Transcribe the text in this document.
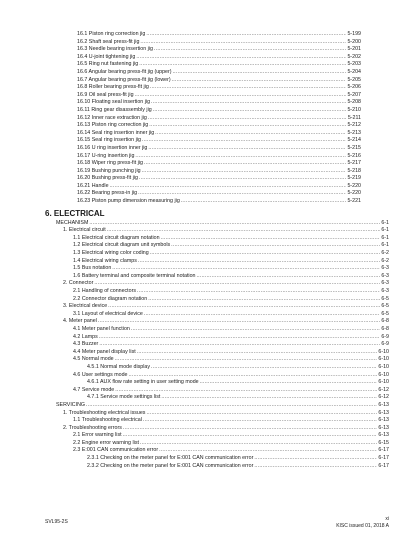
16.1 Piston ring correction jig .....	5-199
16.2 Shaft seal press-fit jig .....	5-200
16.3 Needle bearing insertion jig .....	5-201
16.4 U-joint tightening jig .....	5-202
16.5 Ring nut fastening jig .....	5-203
16.6 Angular bearing press-fit jig (upper) .....	5-204
16.7 Angular bearing press-fit jig (lower) .....	5-205
16.8 Roller bearing press-fit jig .....	5-206
16.9 Oil seal press-fit jig .....	5-207
16.10 Floating seal insertion jig .....	5-208
16.11 Ring gear disassembly jig .....	5-210
16.12 Inner race extraction jig .....	5-211
16.13 Piston ring correction jig .....	5-212
16.14 Seal ring insertion inner jig .....	5-213
16.15 Seal ring insertion jig .....	5-214
16.16 U ring insertion inner jig .....	5-215
16.17 U-ring insertion jig .....	5-216
16.18 Wiper ring press-fit jig .....	5-217
16.19 Bushing punching jig .....	5-218
16.20 Bushing press-fit jig .....	5-219
16.21 Handle .....	5-220
16.22 Bearing press-in jig .....	5-220
16.23 Piston pump dimension measuring jig .....	5-221
6. ELECTRICAL
MECHANISM .....	6-1
1. Electrical circuit .....	6-1
1.1 Electrical circuit diagram notation .....	6-1
1.2 Electrical circuit diagram unit symbols .....	6-1
1.3 Electrical wiring color coding .....	6-2
1.4 Electrical wiring clamps .....	6-2
1.5 Bus notation .....	6-3
1.6 Battery terminal and composite terminal notation .....	6-3
2. Connector .....	6-3
2.1 Handling of connectors .....	6-3
2.2 Connector diagram notation .....	6-5
3. Electrical device .....	6-5
3.1 Layout of electrical device .....	6-5
4. Meter panel .....	6-8
4.1 Meter panel function .....	6-8
4.2 Lamps .....	6-9
4.3 Buzzer .....	6-9
4.4 Meter panel display list .....	6-10
4.5 Normal mode .....	6-10
4.5.1 Normal mode display .....	6-10
4.6 User settings mode .....	6-10
4.6.1 AUX flow rate setting in user setting mode .....	6-10
4.7 Service mode .....	6-12
4.7.1 Service mode settings list .....	6-12
SERVICING .....	6-13
1. Troubleshooting electrical issues .....	6-13
1.1 Troubleshooting electrical .....	6-13
2. Troubleshooting errors .....	6-13
2.1 Error warning list .....	6-13
2.2 Engine error warning list .....	6-15
2.3 E:001 CAN communication error .....	6-17
2.3.1 Checking on the meter panel for E:001 CAN communication error .....	6-17
2.3.2 Checking on the meter panel for E:001 CAN communication error .....	6-17
SVL95-2S	xi
KISC issued 01, 2018 A
